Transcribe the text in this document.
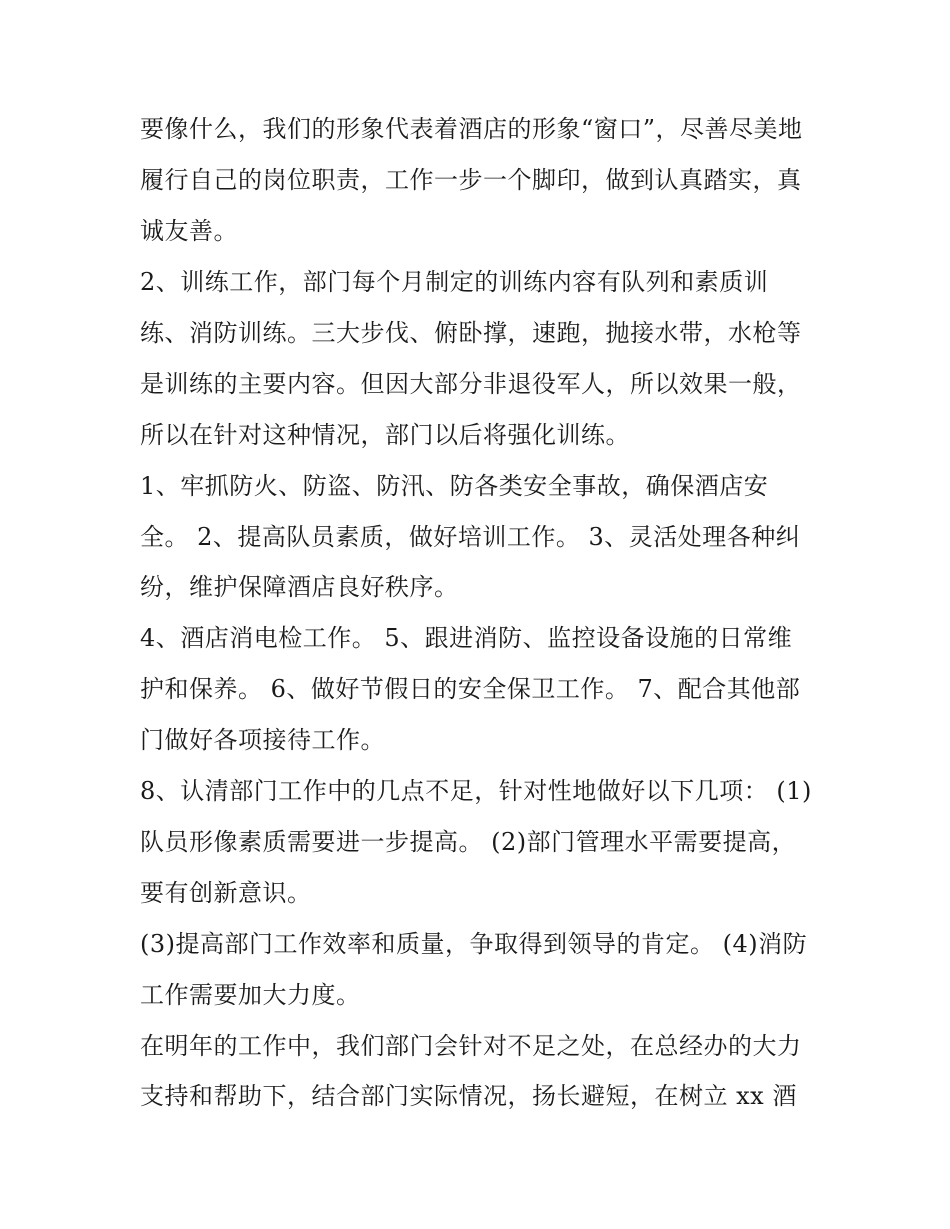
要像什么，我们的形象代表着酒店的形象“窗口”，尽善尽美地
履行自己的岗位职责，工作一步一个脚印，做到认真踏实，真
诚友善。
2、训练工作，部门每个月制定的训练内容有队列和素质训
练、消防训练。三大步伐、俯卧撑，速跑，抛接水带，水枪等
是训练的主要内容。但因大部分非退役军人，所以效果一般，
所以在针对这种情况，部门以后将强化训练。
1、牢抓防火、防盗、防汛、防各类安全事故，确保酒店安
全。 2、提高队员素质，做好培训工作。 3、灵活处理各种纠
纷，维护保障酒店良好秩序。
4、酒店消电检工作。 5、跟进消防、监控设备设施的日常维
护和保养。 6、做好节假日的安全保卫工作。 7、配合其他部
门做好各项接待工作。
8、认清部门工作中的几点不足，针对性地做好以下几项： (1)
队员形像素质需要进一步提高。 (2)部门管理水平需要提高，
要有创新意识。
(3)提高部门工作效率和质量，争取得到领导的肯定。 (4)消防
工作需要加大力度。
在明年的工作中，我们部门会针对不足之处，在总经办的大力
支持和帮助下，结合部门实际情况，扬长避短，在树立 xx 酒
